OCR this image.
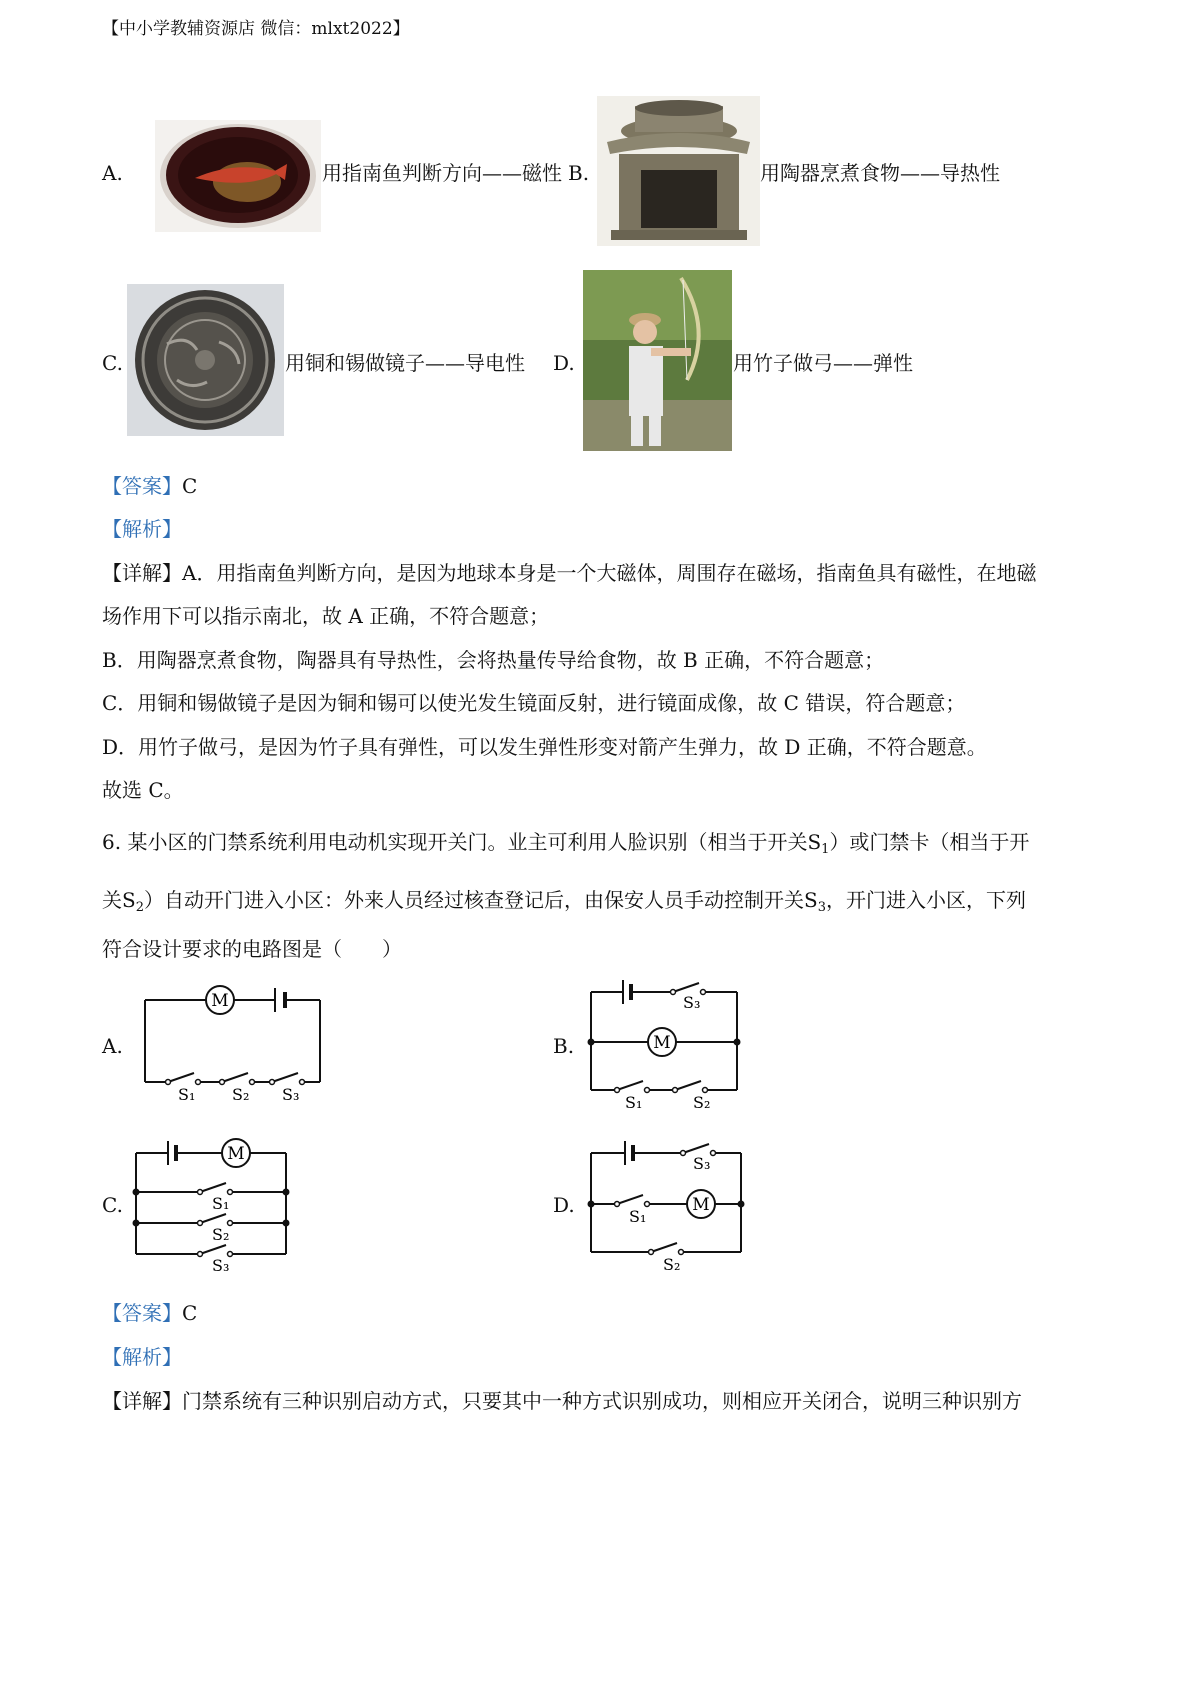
【中小学教辅资源店 微信：mlxt2022】
A.	用指南鱼判断方向——磁性 B.	用陶器烹煮食物——导热性
C.	用铜和锡做镜子——导电性 D.	用竹子做弓——弹性
【答案】C
【解析】
【详解】A．用指南鱼判断方向，是因为地球本身是一个大磁体，周围存在磁场，指南鱼具有磁性，在地磁
场作用下可以指示南北，故 A 正确，不符合题意；
B．用陶器烹煮食物，陶器具有导热性，会将热量传导给食物，故 B 正确，不符合题意；
C．用铜和锡做镜子是因为铜和锡可以使光发生镜面反射，进行镜面成像，故 C 错误，符合题意；
D．用竹子做弓，是因为竹子具有弹性，可以发生弹性形变对箭产生弹力，故 D 正确，不符合题意。
故选 C。
6. 某小区的门禁系统利用电动机实现开关门。业主可利用人脸识别（相当于开关$S_1$）或门禁卡（相当于开
关$S_2$）自动开门进入小区：外来人员经过核查登记后，由保安人员手动控制开关$S_3$，开门进入小区，下列
符合设计要求的电路图是（　　）
A.
M
S₁ S₂ S₃
B.	M
S₃
S₁	S₂
C.
M
S₁
S₂
S₃
D.	M
S₃
S₁
S₂
【答案】C
【解析】
【详解】门禁系统有三种识别启动方式，只要其中一种方式识别成功，则相应开关闭合，说明三种识别方
